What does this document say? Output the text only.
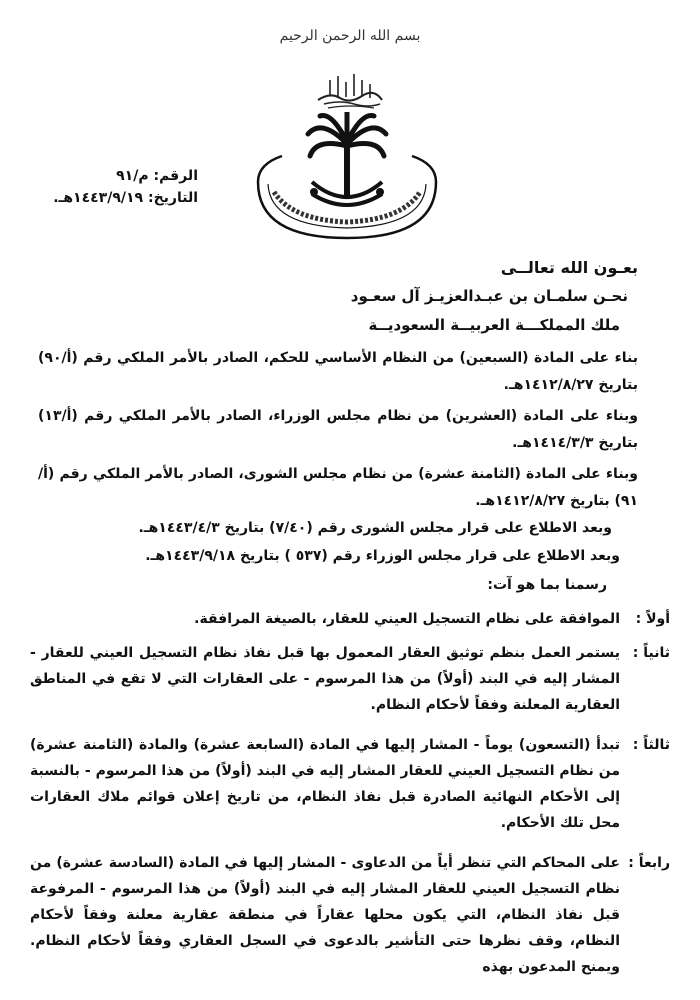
بسم الله الرحمن الرحيم
الرقم: م/٩١
التاريخ: ١٤٤٣/٩/١٩هـ.
بعـون الله تعالــى
نحـن سلمـان بن عبـدالعزيـز آل سعـود
ملك المملكـــة العربيــة السعوديــة
بناء على المادة (السبعين) من النظام الأساسي للحكم، الصادر بالأمر الملكي رقم (أ/٩٠) بتاريخ ١٤١٢/٨/٢٧هـ.
وبناء على المادة (العشرين) من نظام مجلس الوزراء، الصادر بالأمر الملكي رقم (أ/١٣) بتاريخ ١٤١٤/٣/٣هـ.
وبناء على المادة (الثامنة عشرة) من نظام مجلس الشورى، الصادر بالأمر الملكي رقم (أ/٩١) بتاريخ ١٤١٢/٨/٢٧هـ.
وبعد الاطلاع على قرار مجلس الشورى رقم (٧/٤٠) بتاريخ ١٤٤٣/٤/٣هـ.
وبعد الاطلاع على قرار مجلس الوزراء رقم (٥٣٧ ) بتاريخ ١٤٤٣/٩/١٨هـ.
رسمنا بما هو آت:
أولاً :
الموافقة على نظام التسجيل العيني للعقار، بالصيغة المرافقة.
ثانياً :
يستمر العمل بنظم توثيق العقار المعمول بها قبل نفاذ نظام التسجيل العيني للعقار - المشار إليه في البند (أولاً) من هذا المرسوم - على العقارات التي لا تقع في المناطق العقارية المعلنة وفقاً لأحكام النظام.
ثالثاً :
تبدأ (التسعون) يوماً - المشار إليها في المادة (السابعة عشرة) والمادة (الثامنة عشرة) من نظام التسجيل العيني للعقار المشار إليه في البند (أولاً) من هذا المرسوم - بالنسبة إلى الأحكام النهائية الصادرة قبل نفاذ النظام، من تاريخ إعلان قوائم ملاك العقارات محل تلك الأحكام.
رابعاً :
على المحاكم التي تنظر أياً من الدعاوى - المشار إليها في المادة (السادسة عشرة) من نظام التسجيل العيني للعقار المشار إليه في البند (أولاً) من هذا المرسوم - المرفوعة قبل نفاذ النظام، التي يكون محلها عقاراً في منطقة عقارية معلنة وفقاً لأحكام النظام، وقف نظرها حتى التأشير بالدعوى في السجل العقاري وفقاً لأحكام النظام. ويمنح المدعون بهذه
